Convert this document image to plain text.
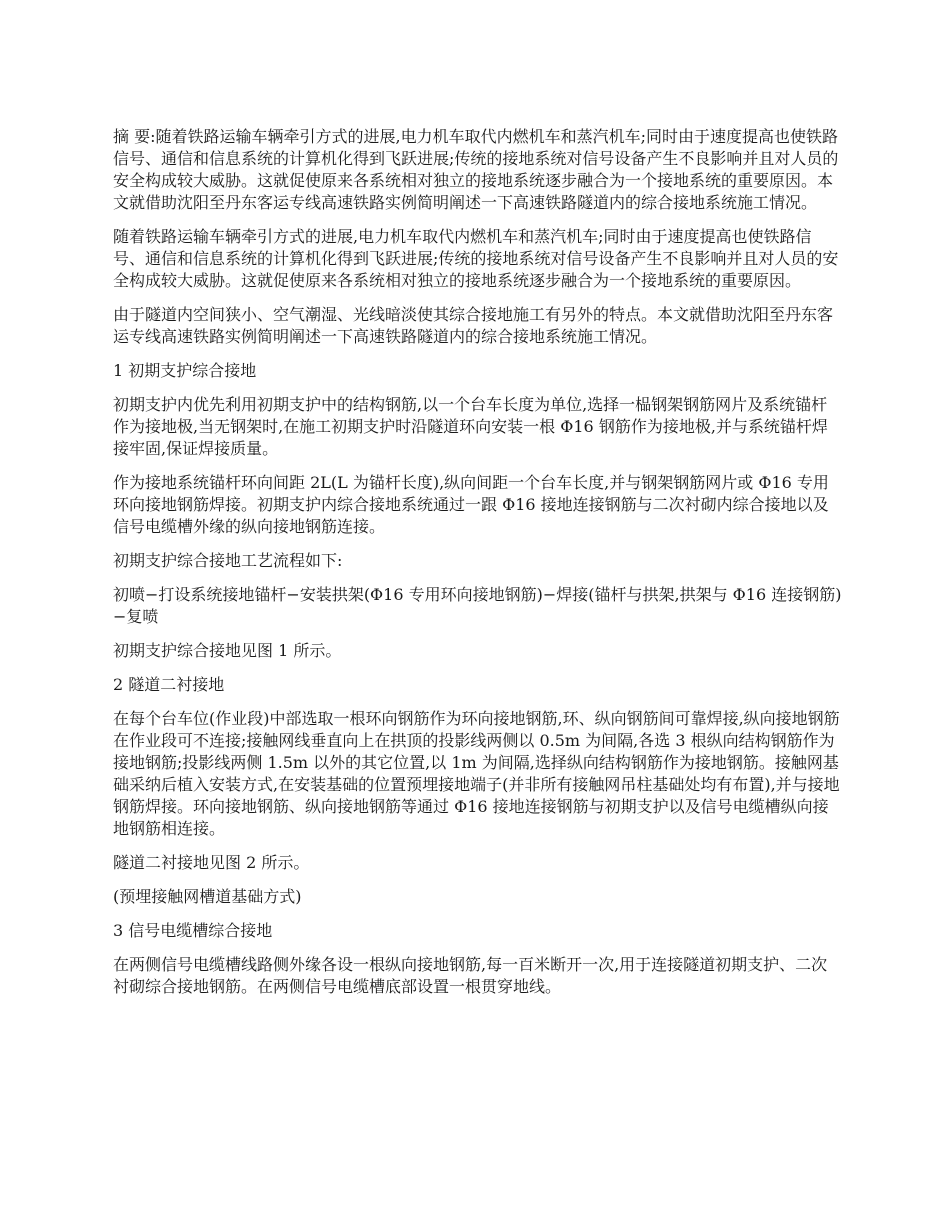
摘 要:随着铁路运输车辆牵引方式的进展,电力机车取代内燃机车和蒸汽机车;同时由于速度提高也使铁路信号、通信和信息系统的计算机化得到飞跃进展;传统的接地系统对信号设备产生不良影响并且对人员的安全构成较大威胁。这就促使原来各系统相对独立的接地系统逐步融合为一个接地系统的重要原因。本文就借助沈阳至丹东客运专线高速铁路实例简明阐述一下高速铁路隧道内的综合接地系统施工情况。

随着铁路运输车辆牵引方式的进展,电力机车取代内燃机车和蒸汽机车;同时由于速度提高也使铁路信号、通信和信息系统的计算机化得到飞跃进展;传统的接地系统对信号设备产生不良影响并且对人员的安全构成较大威胁。这就促使原来各系统相对独立的接地系统逐步融合为一个接地系统的重要原因。

由于隧道内空间狭小、空气潮湿、光线暗淡使其综合接地施工有另外的特点。本文就借助沈阳至丹东客运专线高速铁路实例简明阐述一下高速铁路隧道内的综合接地系统施工情况。

1 初期支护综合接地

初期支护内优先利用初期支护中的结构钢筋,以一个台车长度为单位,选择一榀钢架钢筋网片及系统锚杆作为接地极,当无钢架时,在施工初期支护时沿隧道环向安装一根 Φ16 钢筋作为接地极,并与系统锚杆焊接牢固,保证焊接质量。

作为接地系统锚杆环向间距 2L(L 为锚杆长度),纵向间距一个台车长度,并与钢架钢筋网片或 Φ16 专用环向接地钢筋焊接。初期支护内综合接地系统通过一跟 Φ16 接地连接钢筋与二次衬砌内综合接地以及信号电缆槽外缘的纵向接地钢筋连接。

初期支护综合接地工艺流程如下:

初喷−打设系统接地锚杆−安装拱架(Φ16 专用环向接地钢筋)−焊接(锚杆与拱架,拱架与 Φ16 连接钢筋)−复喷

初期支护综合接地见图 1 所示。

2 隧道二衬接地

在每个台车位(作业段)中部选取一根环向钢筋作为环向接地钢筋,环、纵向钢筋间可靠焊接,纵向接地钢筋在作业段可不连接;接触网线垂直向上在拱顶的投影线两侧以 0.5m 为间隔,各选 3 根纵向结构钢筋作为接地钢筋;投影线两侧 1.5m 以外的其它位置,以 1m 为间隔,选择纵向结构钢筋作为接地钢筋。接触网基础采纳后植入安装方式,在安装基础的位置预埋接地端子(并非所有接触网吊柱基础处均有布置),并与接地钢筋焊接。环向接地钢筋、纵向接地钢筋等通过 Φ16 接地连接钢筋与初期支护以及信号电缆槽纵向接地钢筋相连接。

隧道二衬接地见图 2 所示。

(预埋接触网槽道基础方式)

3 信号电缆槽综合接地

在两侧信号电缆槽线路侧外缘各设一根纵向接地钢筋,每一百米断开一次,用于连接隧道初期支护、二次衬砌综合接地钢筋。在两侧信号电缆槽底部设置一根贯穿地线。
